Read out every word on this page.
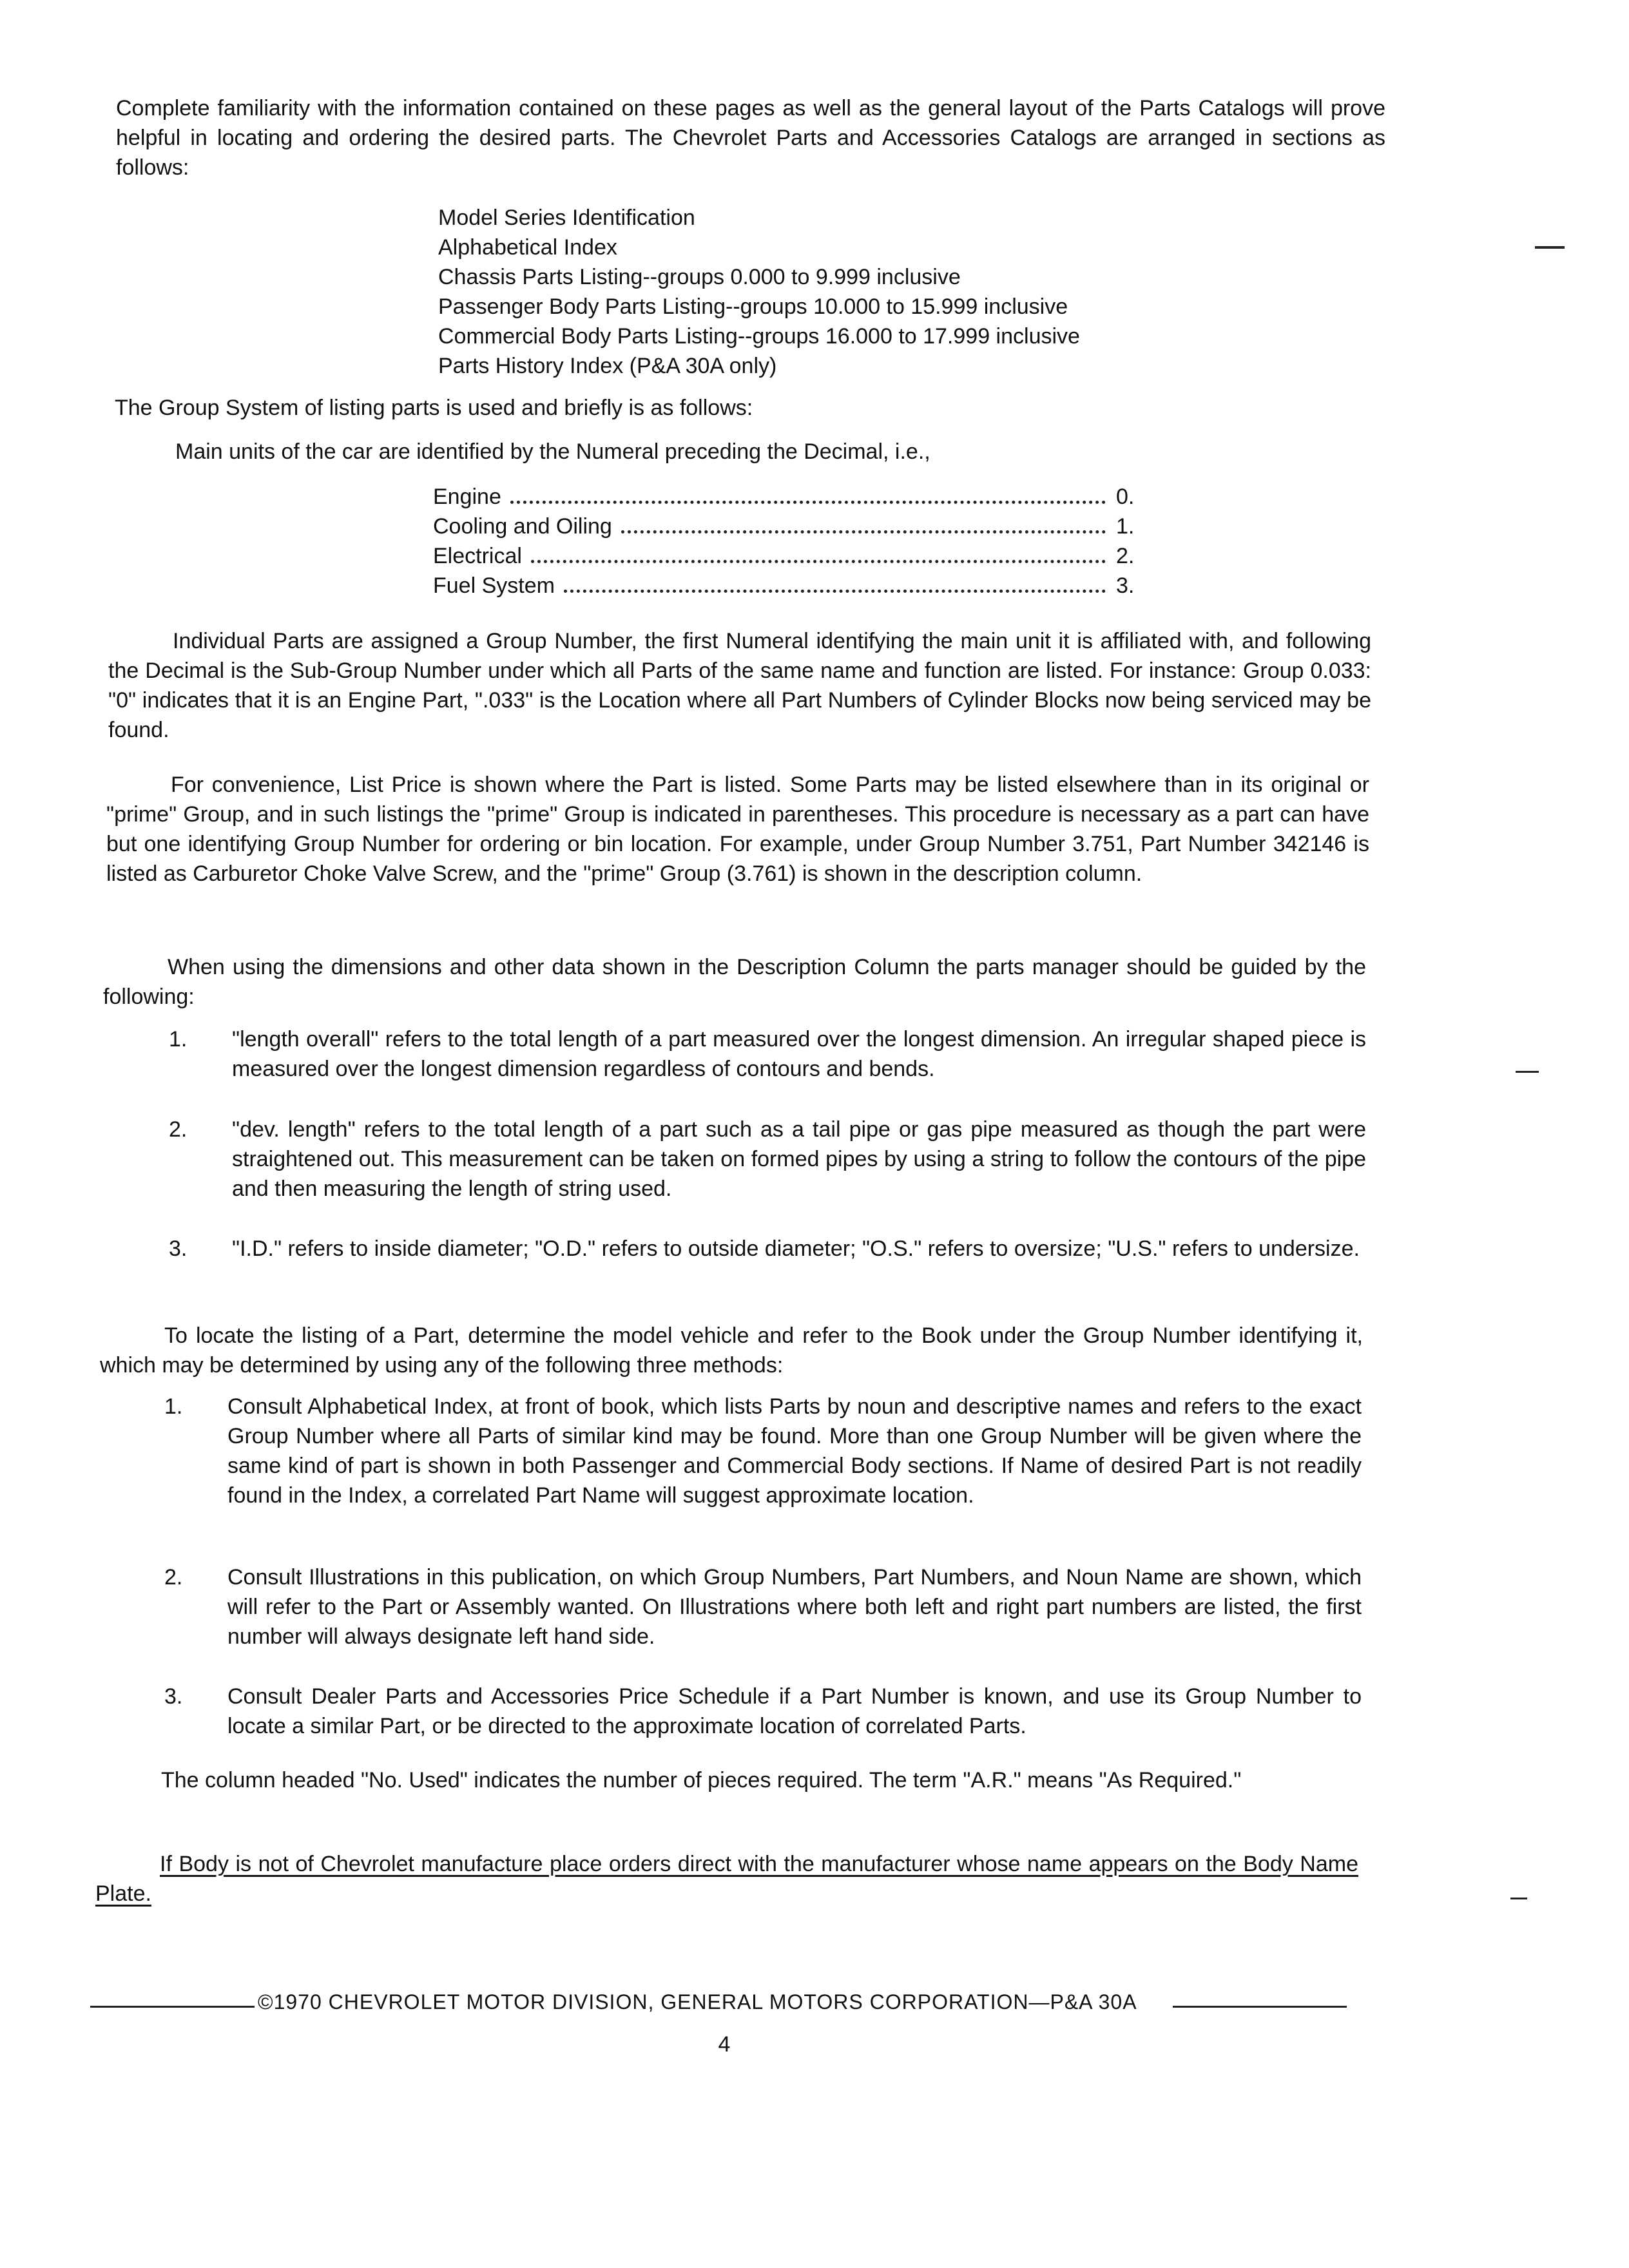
Complete familiarity with the information contained on these pages as well as the general layout of the Parts Catalogs will prove helpful in locating and ordering the desired parts. The Chevrolet Parts and Accessories Catalogs are arranged in sections as follows:
Model Series Identification
Alphabetical Index
Chassis Parts Listing--groups 0.000 to 9.999 inclusive
Passenger Body Parts Listing--groups 10.000 to 15.999 inclusive
Commercial Body Parts Listing--groups 16.000 to 17.999 inclusive
Parts History Index (P&A 30A only)
The Group System of listing parts is used and briefly is as follows:
Main units of the car are identified by the Numeral preceding the Decimal, i.e.,
Engine	0.
Cooling and Oiling	1.
Electrical	2.
Fuel System	3.
Individual Parts are assigned a Group Number, the first Numeral identifying the main unit it is affiliated with, and following the Decimal is the Sub-Group Number under which all Parts of the same name and function are listed. For instance: Group 0.033: "0" indicates that it is an Engine Part, ".033" is the Location where all Part Numbers of Cylinder Blocks now being serviced may be found.
For convenience, List Price is shown where the Part is listed. Some Parts may be listed elsewhere than in its original or "prime" Group, and in such listings the "prime" Group is indicated in parentheses. This procedure is necessary as a part can have but one identifying Group Number for ordering or bin location. For example, under Group Number 3.751, Part Number 342146 is listed as Carburetor Choke Valve Screw, and the "prime" Group (3.761) is shown in the description column.
When using the dimensions and other data shown in the Description Column the parts manager should be guided by the following:
1. "length overall" refers to the total length of a part measured over the longest dimension. An irregular shaped piece is measured over the longest dimension regardless of contours and bends.
2. "dev. length" refers to the total length of a part such as a tail pipe or gas pipe measured as though the part were straightened out. This measurement can be taken on formed pipes by using a string to follow the contours of the pipe and then measuring the length of string used.
3. "I.D." refers to inside diameter; "O.D." refers to outside diameter; "O.S." refers to oversize; "U.S." refers to undersize.
To locate the listing of a Part, determine the model vehicle and refer to the Book under the Group Number identifying it, which may be determined by using any of the following three methods:
1. Consult Alphabetical Index, at front of book, which lists Parts by noun and descriptive names and refers to the exact Group Number where all Parts of similar kind may be found. More than one Group Number will be given where the same kind of part is shown in both Passenger and Commercial Body sections. If Name of desired Part is not readily found in the Index, a correlated Part Name will suggest approximate location.
2. Consult Illustrations in this publication, on which Group Numbers, Part Numbers, and Noun Name are shown, which will refer to the Part or Assembly wanted. On Illustrations where both left and right part numbers are listed, the first number will always designate left hand side.
3. Consult Dealer Parts and Accessories Price Schedule if a Part Number is known, and use its Group Number to locate a similar Part, or be directed to the approximate location of correlated Parts.
The column headed "No. Used" indicates the number of pieces required. The term "A.R." means "As Required."
If Body is not of Chevrolet manufacture place orders direct with the manufacturer whose name appears on the Body Name Plate.
©1970 CHEVROLET MOTOR DIVISION, GENERAL MOTORS CORPORATION—P&A 30A
4
